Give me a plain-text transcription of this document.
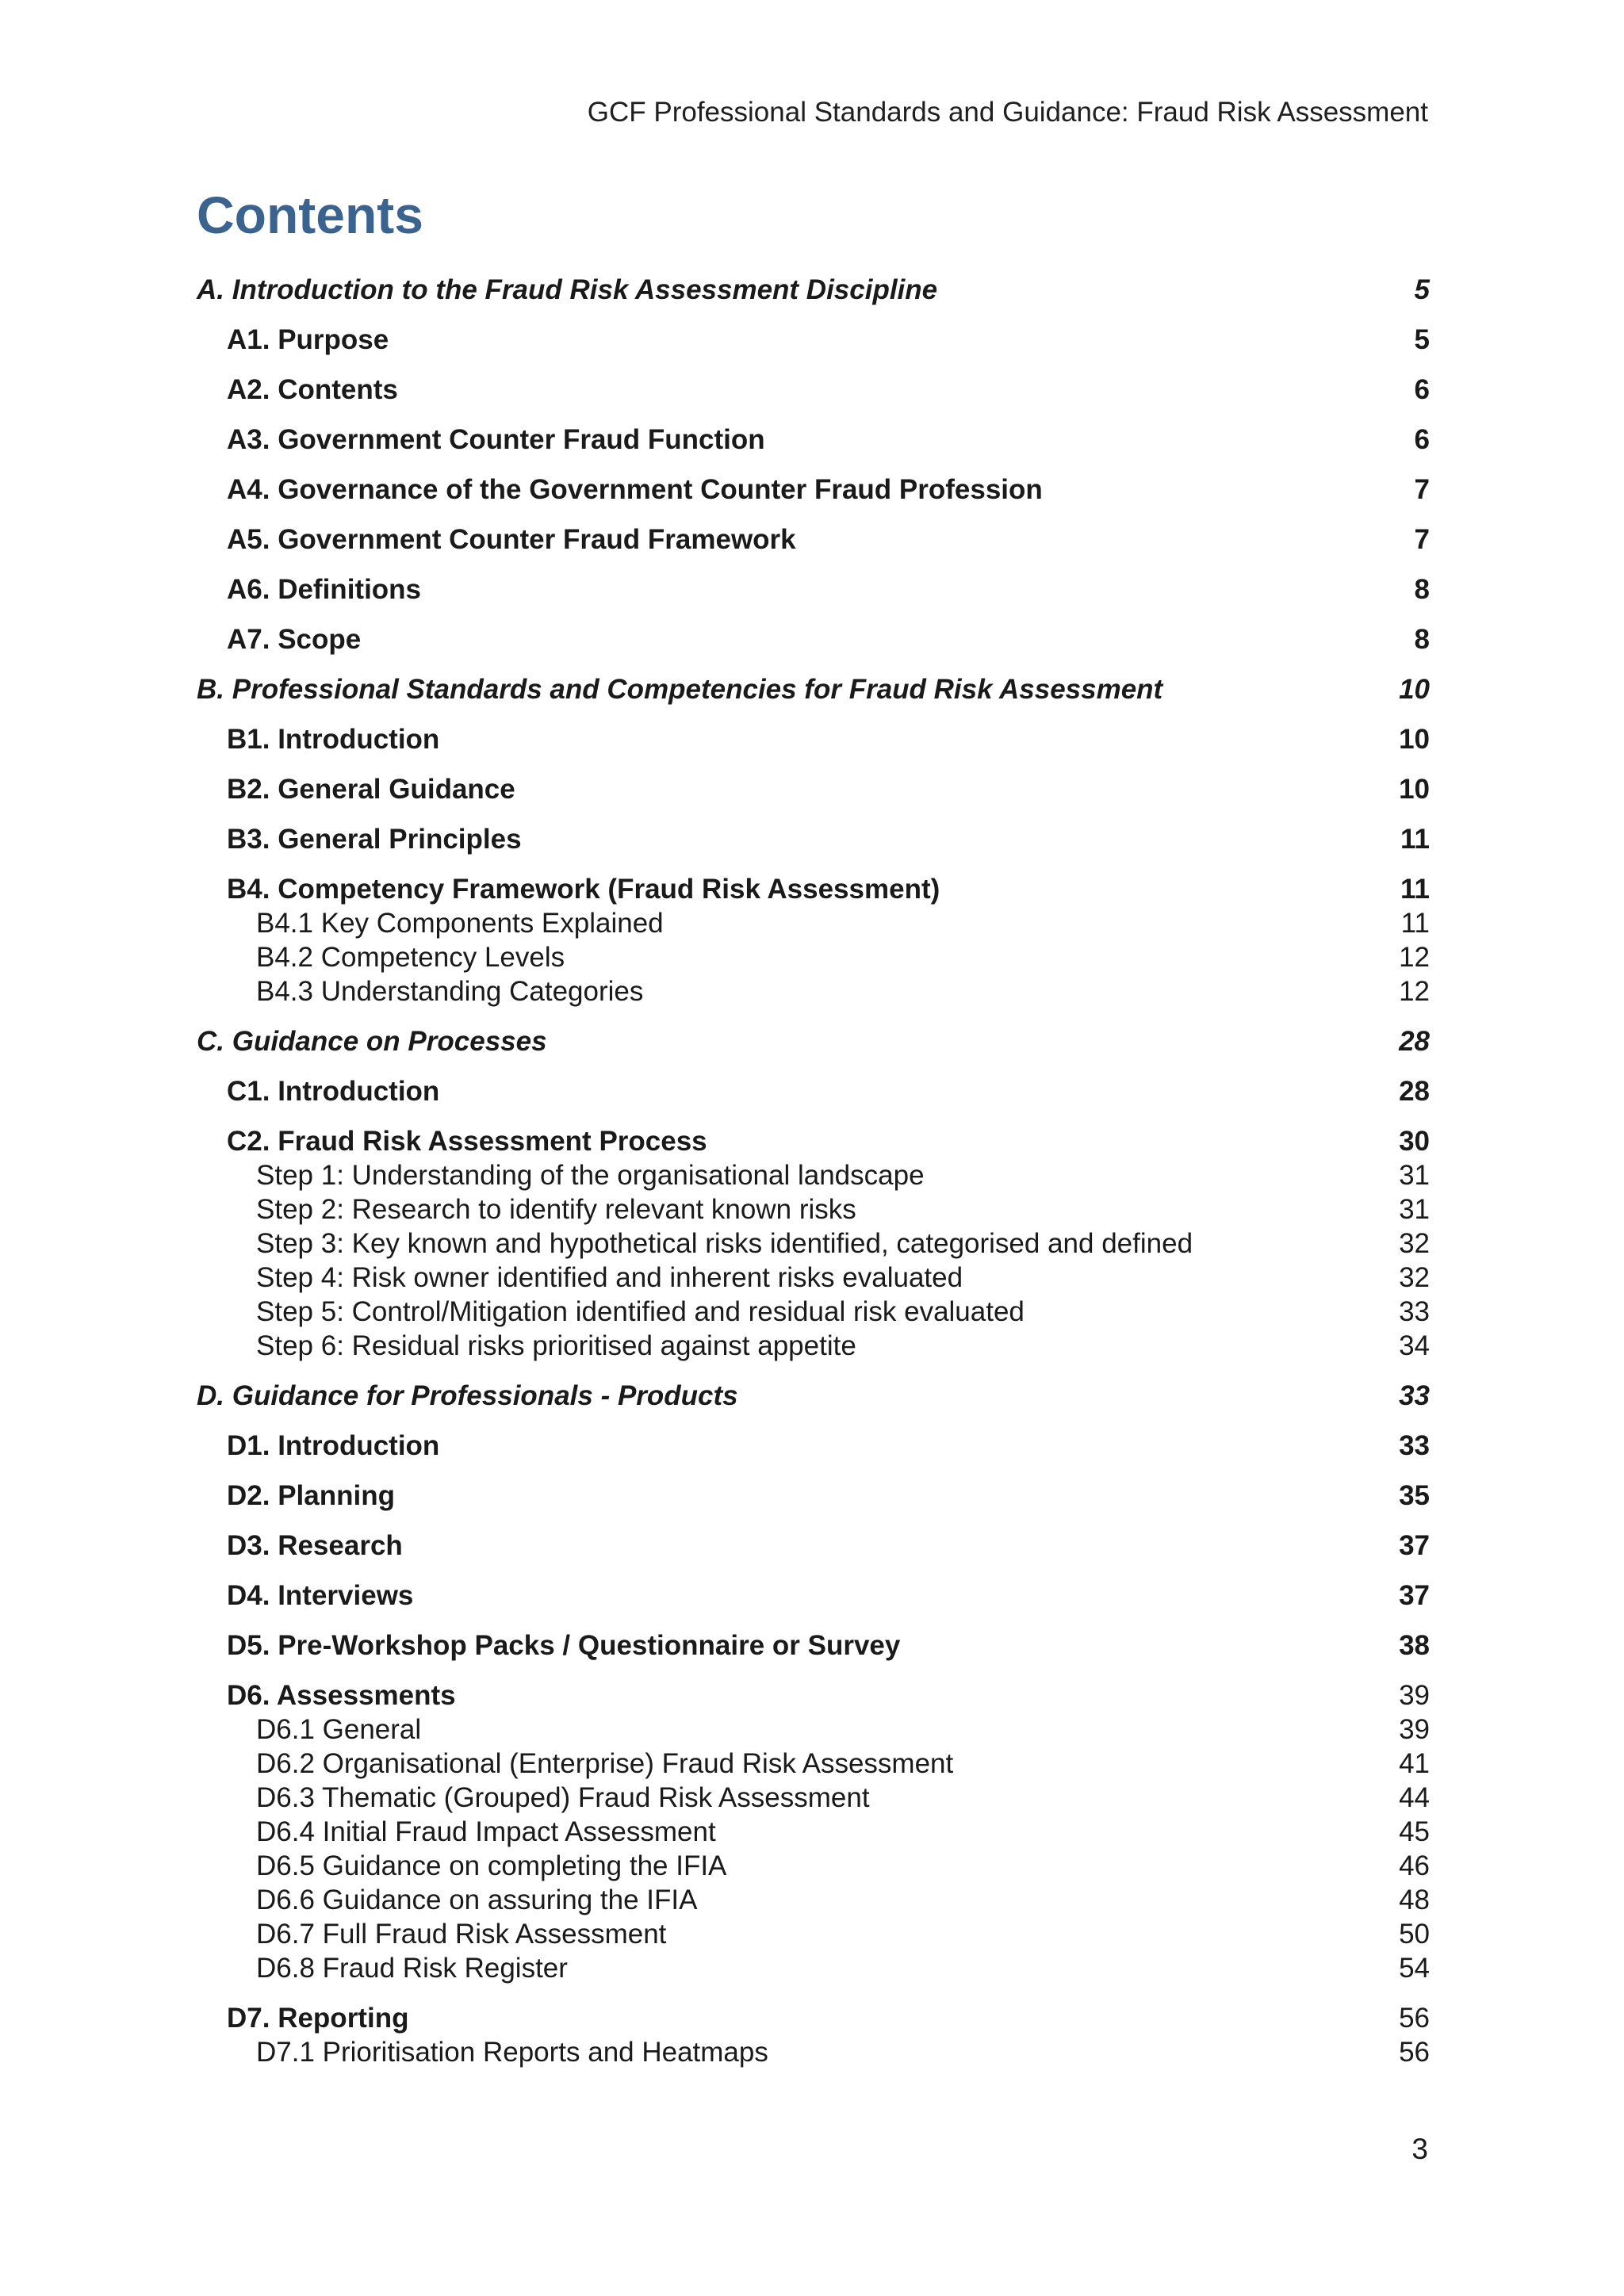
GCF Professional Standards and Guidance: Fraud Risk Assessment
Contents
A. Introduction to the Fraud Risk Assessment Discipline	5
A1. Purpose	5
A2. Contents	6
A3. Government Counter Fraud Function	6
A4. Governance of the Government Counter Fraud Profession	7
A5. Government Counter Fraud Framework	7
A6. Definitions	8
A7. Scope	8
B. Professional Standards and Competencies for Fraud Risk Assessment	10
B1. Introduction	10
B2. General Guidance	10
B3. General Principles	11
B4. Competency Framework (Fraud Risk Assessment)	11
B4.1 Key Components Explained	11
B4.2 Competency Levels	12
B4.3 Understanding Categories	12
C. Guidance on Processes	28
C1. Introduction	28
C2. Fraud Risk Assessment Process	30
Step 1: Understanding of the organisational landscape	31
Step 2: Research to identify relevant known risks	31
Step 3: Key known and hypothetical risks identified, categorised and defined	32
Step 4: Risk owner identified and inherent risks evaluated	32
Step 5: Control/Mitigation identified and residual risk evaluated	33
Step 6: Residual risks prioritised against appetite	34
D. Guidance for Professionals - Products	33
D1. Introduction	33
D2. Planning	35
D3. Research	37
D4. Interviews	37
D5. Pre-Workshop Packs / Questionnaire or Survey	38
D6. Assessments	39
D6.1 General	39
D6.2 Organisational (Enterprise) Fraud Risk Assessment	41
D6.3 Thematic (Grouped) Fraud Risk Assessment	44
D6.4 Initial Fraud Impact Assessment	45
D6.5 Guidance on completing the IFIA	46
D6.6 Guidance on assuring the IFIA	48
D6.7 Full Fraud Risk Assessment	50
D6.8 Fraud Risk Register	54
D7. Reporting	56
D7.1 Prioritisation Reports and Heatmaps	56
3
